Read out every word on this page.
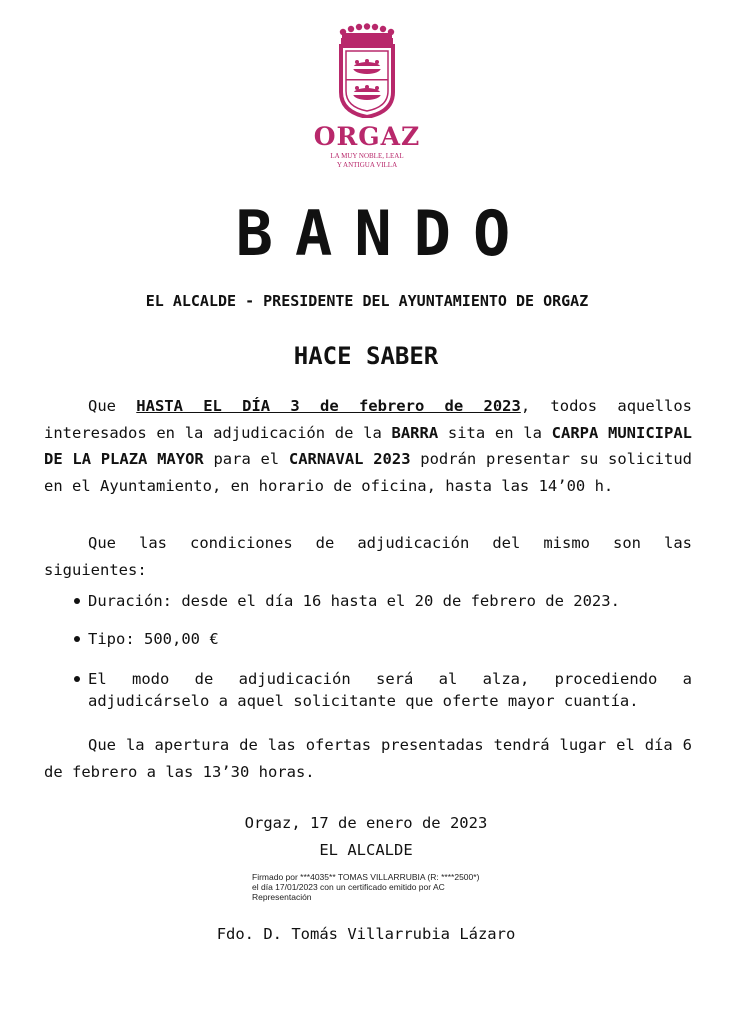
ORGAZ
LA MUY NOBLE, LEAL
Y ANTIGUA VILLA
BANDO
EL ALCALDE - PRESIDENTE DEL AYUNTAMIENTO DE ORGAZ
HACE SABER
Que HASTA EL DÍA 3 de febrero de 2023, todos aquellos interesados en la adjudicación de la BARRA sita en la CARPA MUNICIPAL DE LA PLAZA MAYOR para el CARNAVAL 2023 podrán presentar su solicitud en el Ayuntamiento, en horario de oficina, hasta las 14’00 h.
Que las condiciones de adjudicación del mismo son las siguientes:
Duración: desde el día 16 hasta el 20 de febrero de 2023.
Tipo: 500,00 €
El modo de adjudicación será al alza, procediendo a adjudicárselo a aquel solicitante que oferte mayor cuantía.
Que la apertura de las ofertas presentadas tendrá lugar el día 6 de febrero a las 13’30 horas.
Orgaz, 17 de enero de 2023
EL ALCALDE
Firmado por ***4035** TOMAS VILLARRUBIA (R: ****2500*)
el día 17/01/2023 con un certificado emitido por AC
Representación
Fdo. D. Tomás Villarrubia Lázaro
